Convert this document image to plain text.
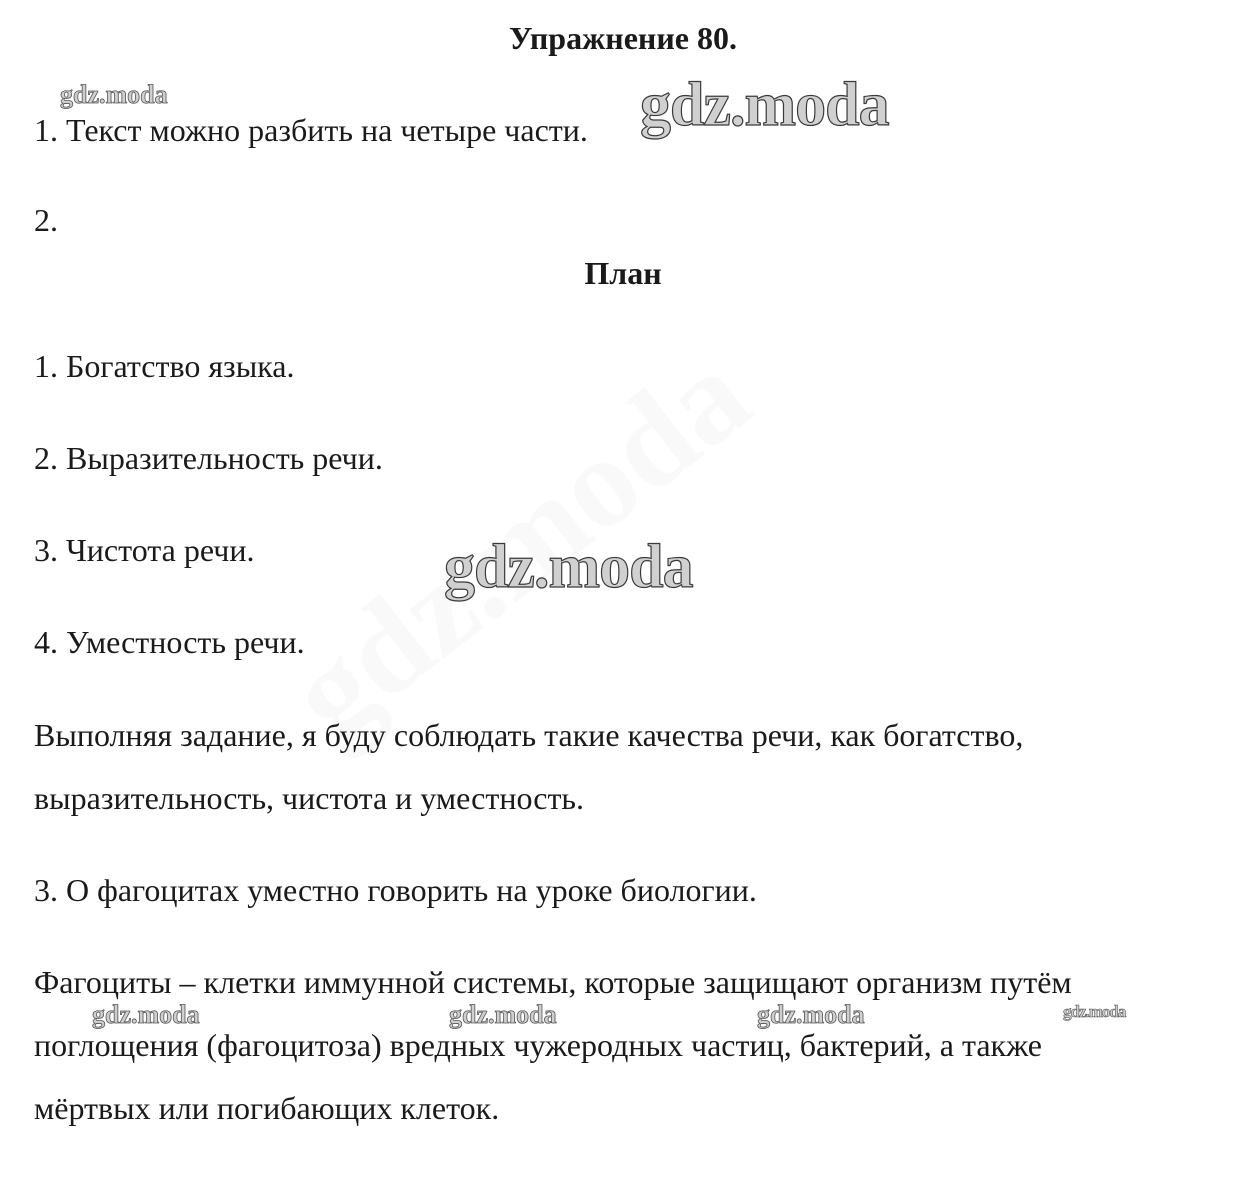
Упражнение 80.
gdz.moda	gdz.moda
gdz.moda
gdz.moda	gdz.moda	gdz.moda	gdz.moda
1. Текст можно разбить на четыре части.
2.
План
1. Богатство языка.
2. Выразительность речи.
3. Чистота речи.
4. Уместность речи.
Выполняя задание, я буду соблюдать такие качества речи, как богатство,
выразительность, чистота и уместность.
3. О фагоцитах уместно говорить на уроке биологии.
Фагоциты – клетки иммунной системы, которые защищают организм путём
поглощения (фагоцитоза) вредных чужеродных частиц, бактерий, а также
мёртвых или погибающих клеток.
